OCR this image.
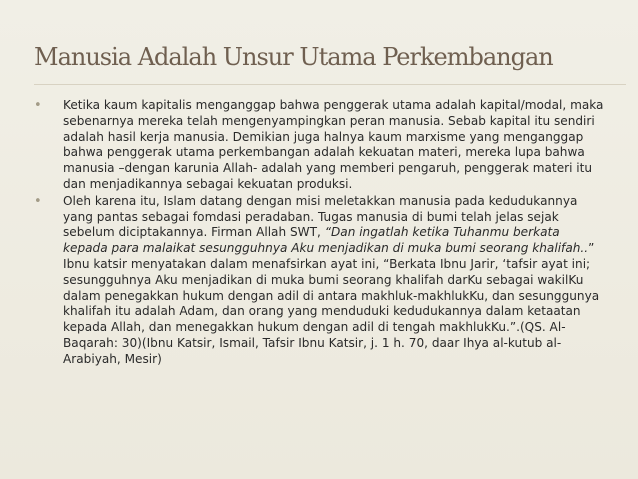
Manusia Adalah Unsur Utama Perkembangan
• Ketika kaum kapitalis menganggap bahwa penggerak utama adalah kapital/modal, maka sebenarnya mereka telah mengenyampingkan peran manusia. Sebab kapital itu sendiri adalah hasil kerja manusia. Demikian juga halnya kaum marxisme yang menganggap bahwa penggerak utama perkembangan adalah kekuatan materi, mereka lupa bahwa manusia –dengan karunia Allah- adalah yang memberi pengaruh, penggerak materi itu dan menjadikannya sebagai kekuatan produksi.
• Oleh karena itu, Islam datang dengan misi meletakkan manusia pada kedudukannya yang pantas sebagai fomdasi peradaban. Tugas manusia di bumi telah jelas sejak sebelum diciptakannya. Firman Allah SWT, “Dan ingatlah ketika Tuhanmu berkata kepada para malaikat sesungguhnya Aku menjadikan di muka bumi seorang khalifah..” Ibnu katsir menyatakan dalam menafsirkan ayat ini, “Berkata Ibnu Jarir, ‘tafsir ayat ini; sesungguhnya Aku menjadikan di muka bumi seorang khalifah darKu sebagai wakilKu dalam penegakkan hukum dengan adil di antara makhluk-makhlukKu, dan sesunggunya khalifah itu adalah Adam, dan orang yang menduduki kedudukannya dalam ketaatan kepada Allah, dan menegakkan hukum dengan adil di tengah makhlukKu.”.(QS. Al-Baqarah: 30)(Ibnu Katsir, Ismail, Tafsir Ibnu Katsir, j. 1 h. 70, daar Ihya al-kutub al-Arabiyah, Mesir)
